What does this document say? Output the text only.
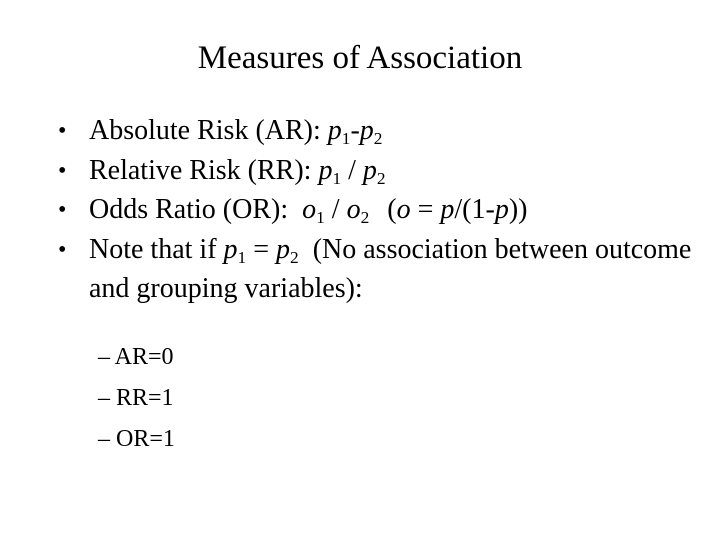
Measures of Association
• Absolute Risk (AR): $p_1-p_2$
• Relative Risk (RR): $p_1 / p_2$
• Odds Ratio (OR):  $o_1 / o_2$ (o = p/(1-p))
• Note that if $p_1 = p_2$  (No association between outcome and grouping variables):
– AR=0
– RR=1
– OR=1
